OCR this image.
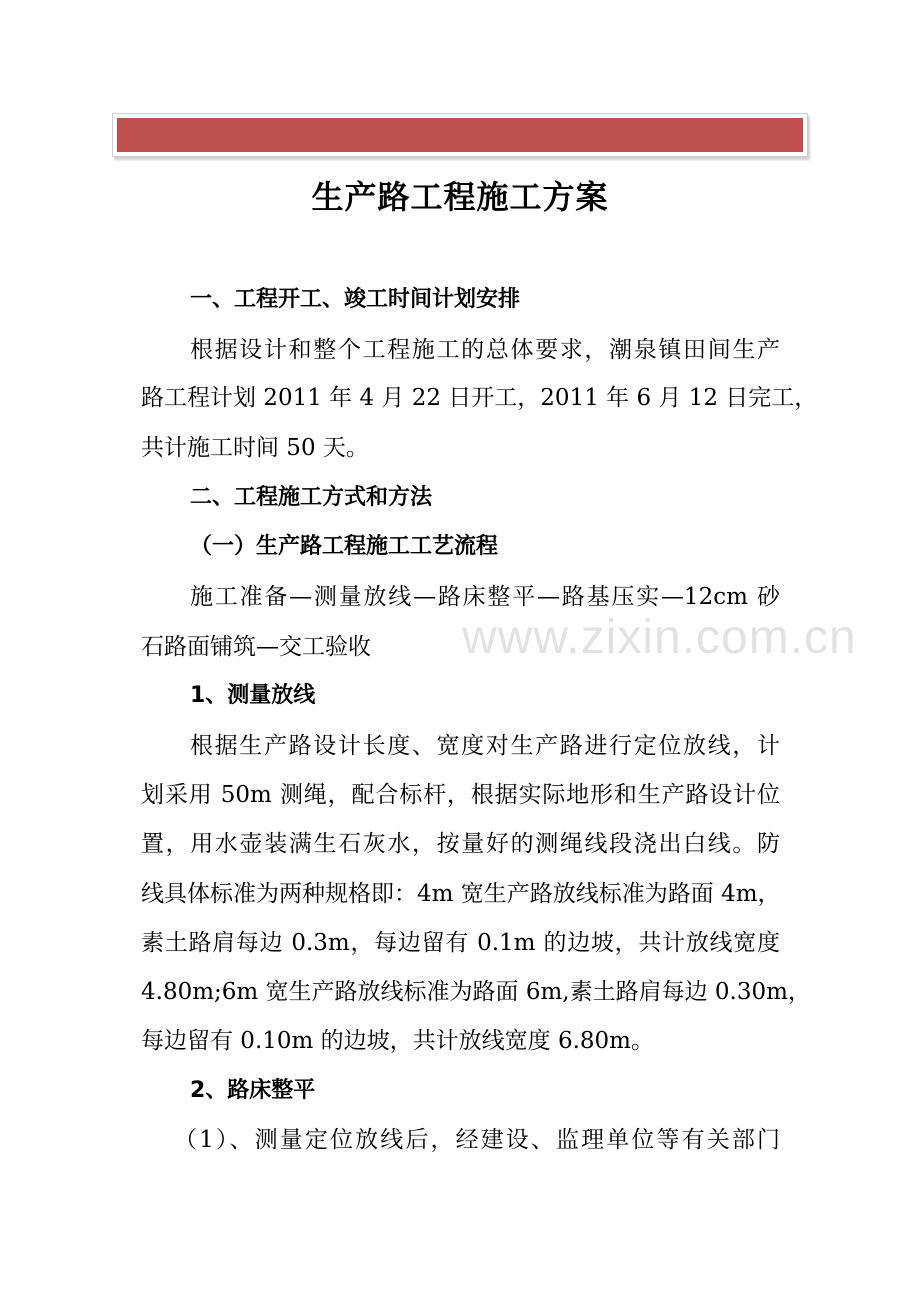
生产路工程施工方案
一、工程开工、竣工时间计划安排
根据设计和整个工程施工的总体要求，潮泉镇田间生产
路工程计划 2011 年 4 月 22 日开工，2011 年 6 月 12 日完工，
共计施工时间 50 天。
二、工程施工方式和方法
（一）生产路工程施工工艺流程
施工准备—测量放线—路床整平—路基压实—12cm 砂
石路面铺筑—交工验收
1、测量放线
根据生产路设计长度、宽度对生产路进行定位放线，计
划采用 50m 测绳，配合标杆，根据实际地形和生产路设计位
置，用水壶装满生石灰水，按量好的测绳线段浇出白线。防
线具体标准为两种规格即：4m 宽生产路放线标准为路面 4m，
素土路肩每边 0.3m，每边留有 0.1m 的边坡，共计放线宽度
4.80m;6m 宽生产路放线标准为路面 6m,素土路肩每边 0.30m，
每边留有 0.10m 的边坡，共计放线宽度 6.80m。
2、路床整平
（1）、测量定位放线后，经建设、监理单位等有关部门
www.zixin.com.cn
